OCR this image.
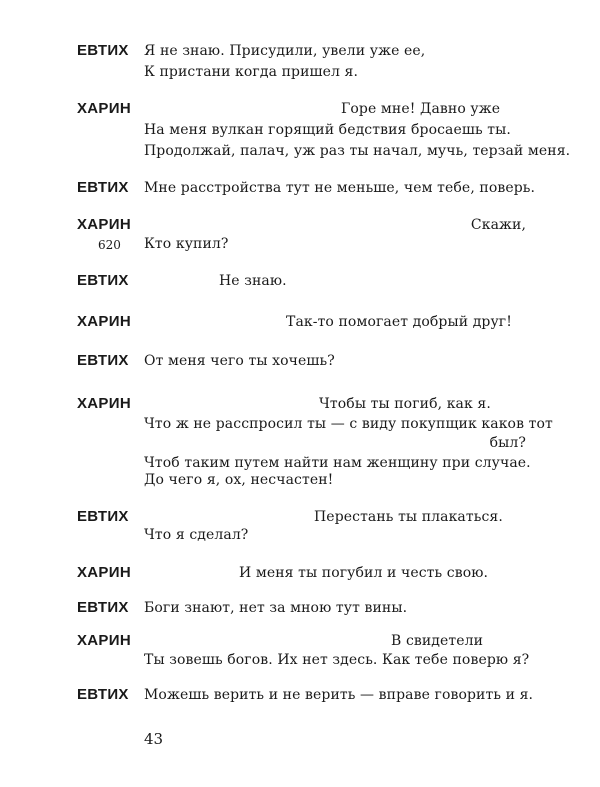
ЕВТИХ Я не знаю. Присудили, увели уже ее,
К пристани когда пришел я.
ХАРИН	Горе мне! Давно уже
На меня вулкан горящий бедствия бросаешь ты.
Продолжай, палач, уж раз ты начал, мучь, терзай меня.
ЕВТИХ Мне расстройства тут не меньше, чем тебе, поверь.
ХАРИН	Скажи,
620 Кто купил?
ЕВТИХ	Не знаю.
ХАРИН	Так-то помогает добрый друг!
ЕВТИХ От меня чего ты хочешь?
ХАРИН	Чтобы ты погиб, как я.
Что ж не расспросил ты — с виду покупщик каков тот
был?
Чтоб таким путем найти нам женщину при случае.
До чего я, ох, несчастен!
ЕВТИХ	Перестань ты плакаться.
Что я сделал?
ХАРИН	И меня ты погубил и честь свою.
ЕВТИХ Боги знают, нет за мною тут вины.
ХАРИН	В свидетели
Ты зовешь богов. Их нет здесь. Как тебе поверю я?
ЕВТИХ Можешь верить и не верить — вправе говорить и я.
43
